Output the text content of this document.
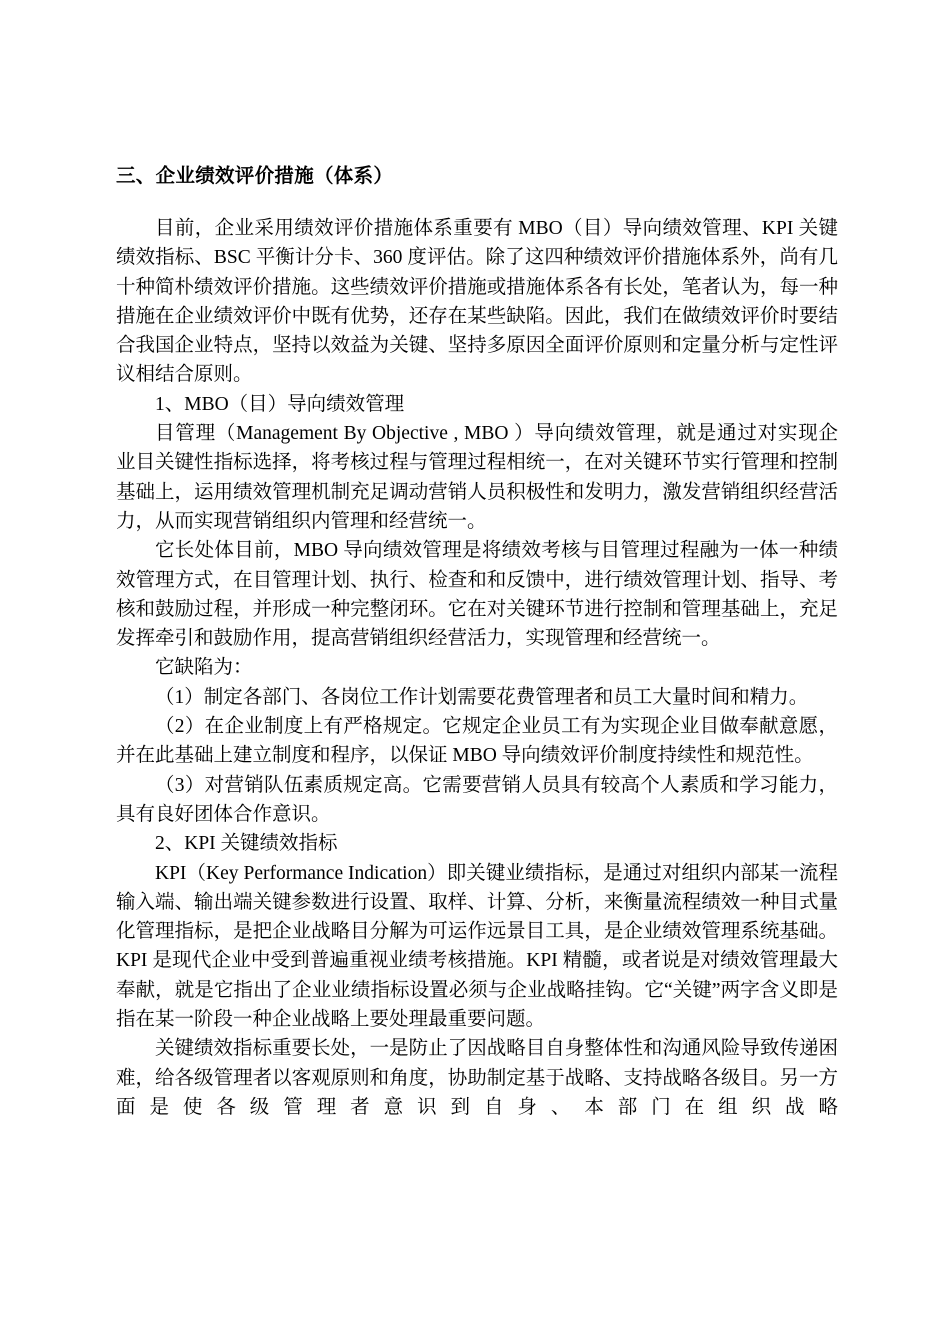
三、企业绩效评价措施（体系）

目前，企业采用绩效评价措施体系重要有 MBO（目）导向绩效管理、KPI 关键绩效指标、BSC 平衡计分卡、360 度评估。除了这四种绩效评价措施体系外，尚有几十种简朴绩效评价措施。这些绩效评价措施或措施体系各有长处，笔者认为，每一种措施在企业绩效评价中既有优势，还存在某些缺陷。因此，我们在做绩效评价时要结合我国企业特点，坚持以效益为关键、坚持多原因全面评价原则和定量分析与定性评议相结合原则。

1、MBO（目）导向绩效管理

目管理（Management By Objective , MBO ）导向绩效管理，就是通过对实现企业目关键性指标选择，将考核过程与管理过程相统一，在对关键环节实行管理和控制基础上，运用绩效管理机制充足调动营销人员积极性和发明力，激发营销组织经营活力，从而实现营销组织内管理和经营统一。

它长处体目前，MBO 导向绩效管理是将绩效考核与目管理过程融为一体一种绩效管理方式，在目管理计划、执行、检查和和反馈中，进行绩效管理计划、指导、考核和鼓励过程，并形成一种完整闭环。它在对关键环节进行控制和管理基础上，充足发挥牵引和鼓励作用，提高营销组织经营活力，实现管理和经营统一。

它缺陷为：

（1）制定各部门、各岗位工作计划需要花费管理者和员工大量时间和精力。

（2）在企业制度上有严格规定。它规定企业员工有为实现企业目做奉献意愿，并在此基础上建立制度和程序，以保证 MBO 导向绩效评价制度持续性和规范性。

（3）对营销队伍素质规定高。它需要营销人员具有较高个人素质和学习能力，具有良好团体合作意识。

2、KPI 关键绩效指标

KPI（Key Performance Indication）即关键业绩指标，是通过对组织内部某一流程输入端、输出端关键参数进行设置、取样、计算、分析，来衡量流程绩效一种目式量化管理指标，是把企业战略目分解为可运作远景目工具，是企业绩效管理系统基础。KPI 是现代企业中受到普遍重视业绩考核措施。KPI 精髓，或者说是对绩效管理最大奉献，就是它指出了企业业绩指标设置必须与企业战略挂钩。它“关键”两字含义即是指在某一阶段一种企业战略上要处理最重要问题。

关键绩效指标重要长处，一是防止了因战略目自身整体性和沟通风险导致传递困难，给各级管理者以客观原则和角度，协助制定基于战略、支持战略各级目。另一方面是使各级管理者意识到自身、本部门在组织战略
